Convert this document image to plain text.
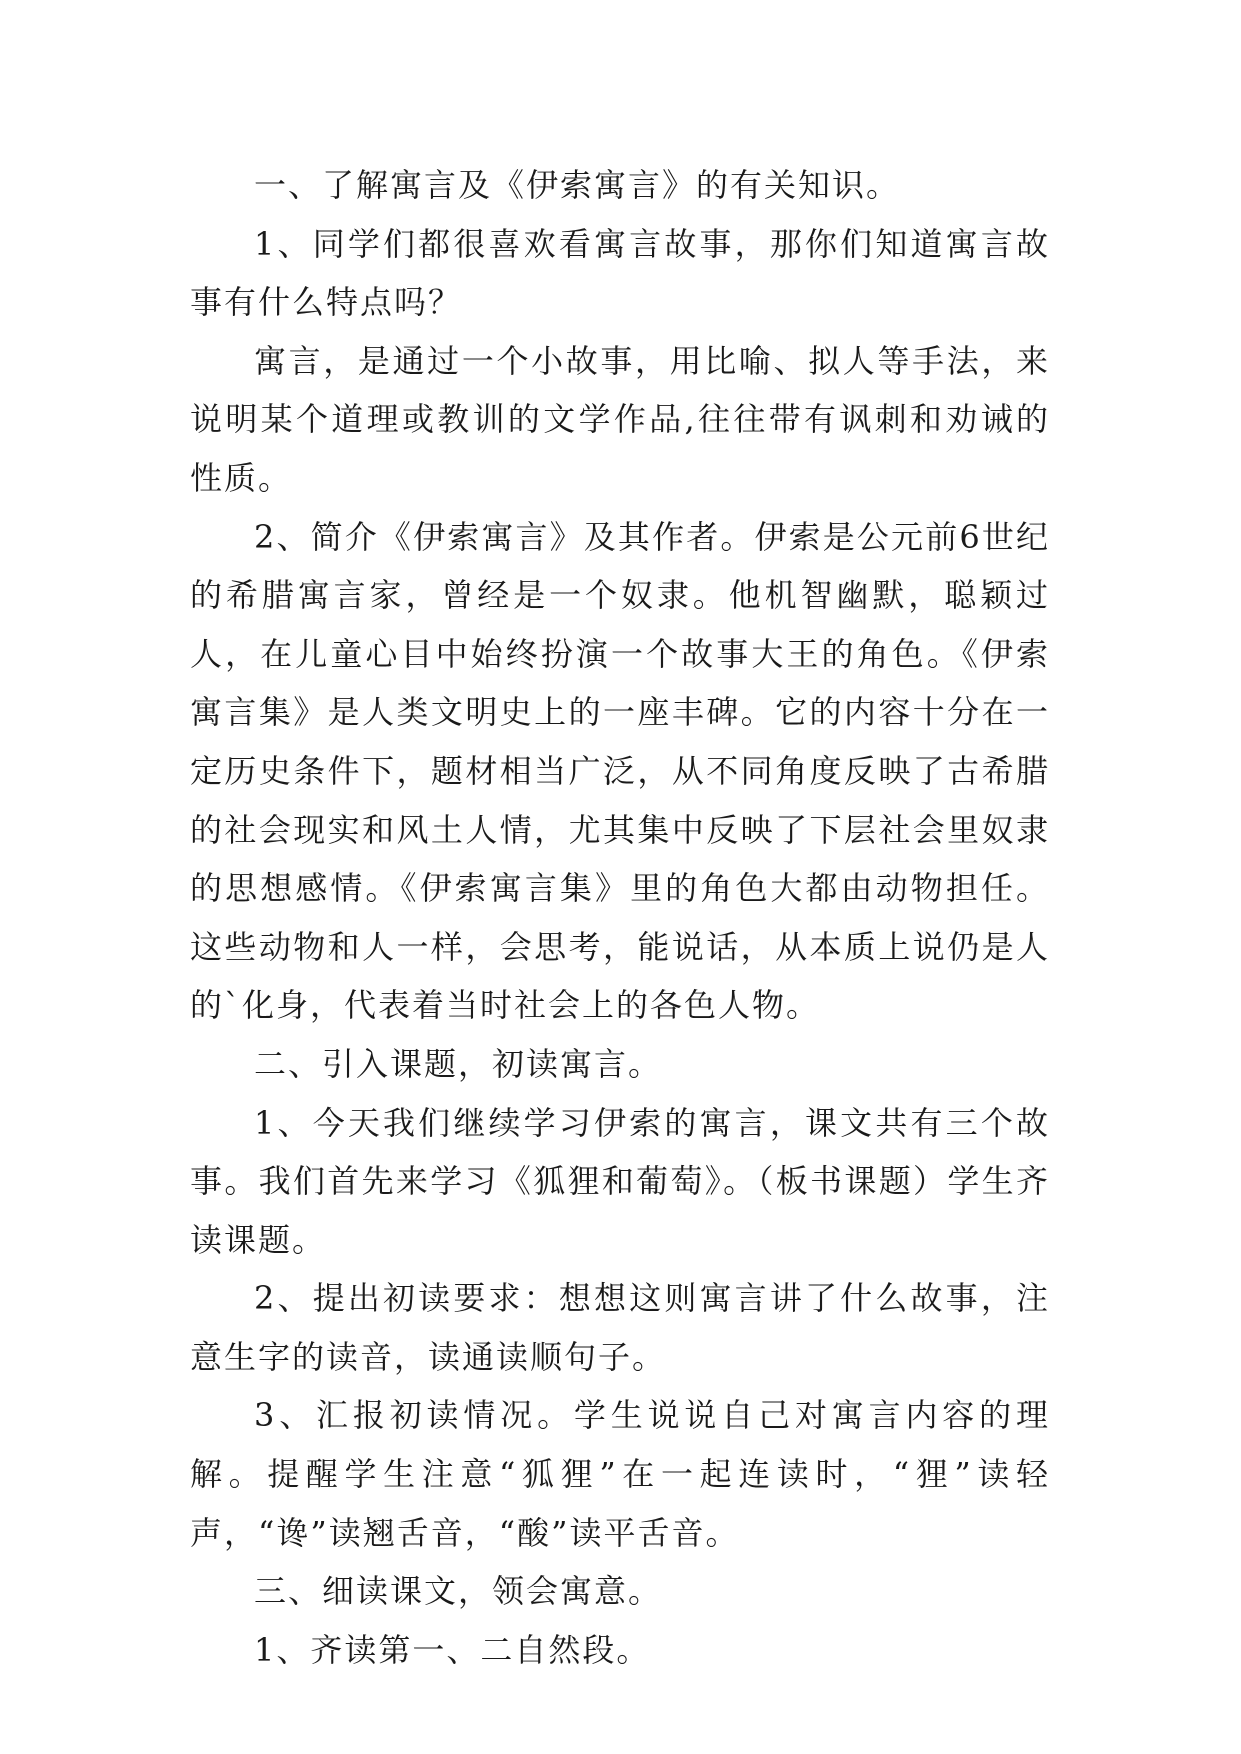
一、了解寓言及《伊索寓言》的有关知识。

1、同学们都很喜欢看寓言故事，那你们知道寓言故事有什么特点吗？

寓言，是通过一个小故事，用比喻、拟人等手法，来说明某个道理或教训的文学作品,往往带有讽刺和劝诫的性质。

2、简介《伊索寓言》及其作者。伊索是公元前6世纪的希腊寓言家，曾经是一个奴隶。他机智幽默，聪颖过人，在儿童心目中始终扮演一个故事大王的角色。《伊索寓言集》是人类文明史上的一座丰碑。它的内容十分在一定历史条件下，题材相当广泛，从不同角度反映了古希腊的社会现实和风土人情，尤其集中反映了下层社会里奴隶的思想感情。《伊索寓言集》里的角色大都由动物担任。这些动物和人一样，会思考，能说话，从本质上说仍是人的`化身，代表着当时社会上的各色人物。

二、引入课题，初读寓言。

1、今天我们继续学习伊索的寓言，课文共有三个故事。我们首先来学习《狐狸和葡萄》。（板书课题）学生齐读课题。

2、提出初读要求：想想这则寓言讲了什么故事，注意生字的读音，读通读顺句子。

3、汇报初读情况。学生说说自己对寓言内容的理解。提醒学生注意“狐狸”在一起连读时，“狸”读轻声，“谗”读翘舌音，“酸”读平舌音。

三、细读课文，领会寓意。

1、齐读第一、二自然段。
